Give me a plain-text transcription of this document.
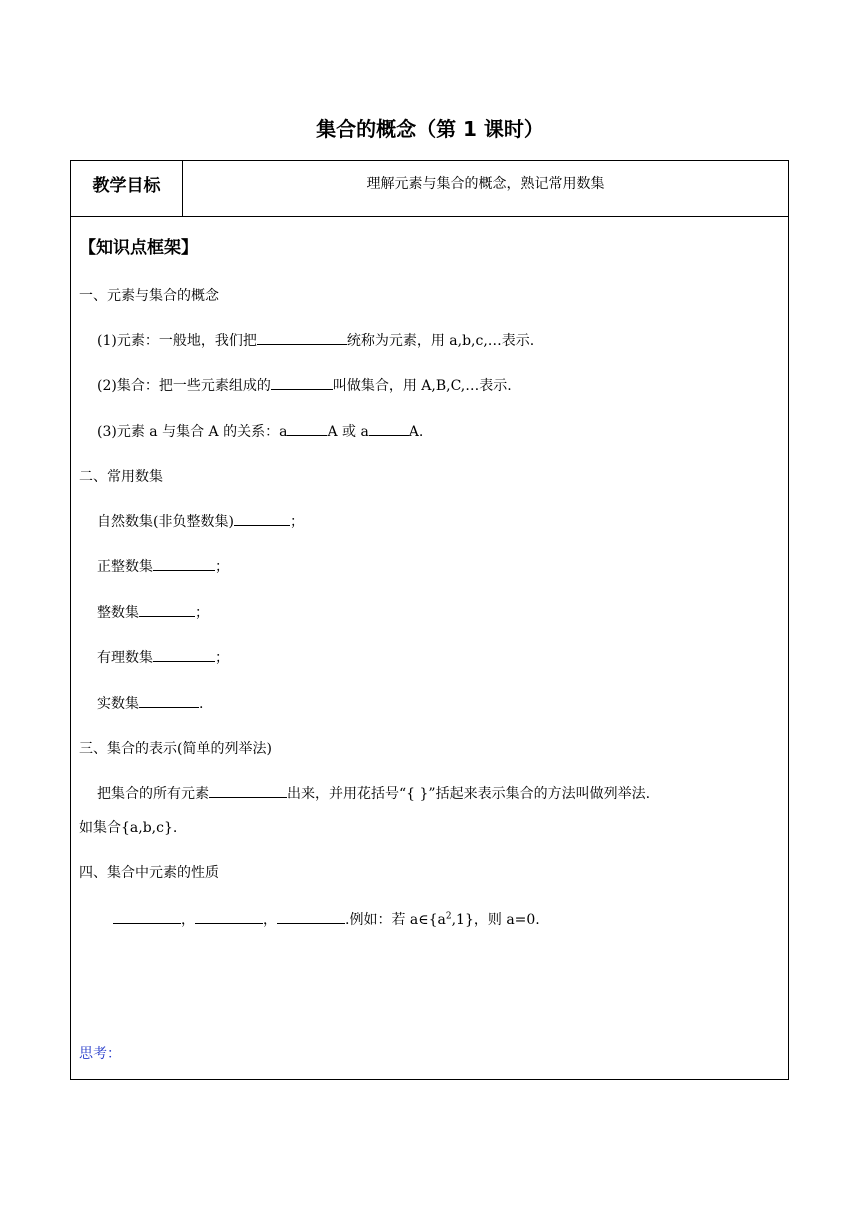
集合的概念（第 1 课时）
教学目标	理解元素与集合的概念，熟记常用数集
【知识点框架】
一、元素与集合的概念
(1)元素：一般地，我们把	统称为元素，用 a,b,c,…表示.
(2)集合：把一些元素组成的	叫做集合，用 A,B,C,…表示.
(3)元素 a 与集合 A 的关系：a	A 或 a	A.
二、常用数集
自然数集(非负整数集)	；
正整数集	；
整数集	；
有理数集	；
实数集	.
三、集合的表示(简单的列举法)
把集合的所有元素	出来，并用花括号“{ }”括起来表示集合的方法叫做列举法.
如集合{a,b,c}.
四、集合中元素的性质
，	，	.例如：若 $a\in\{a^2,1\}$，则 a=0.
思考：
